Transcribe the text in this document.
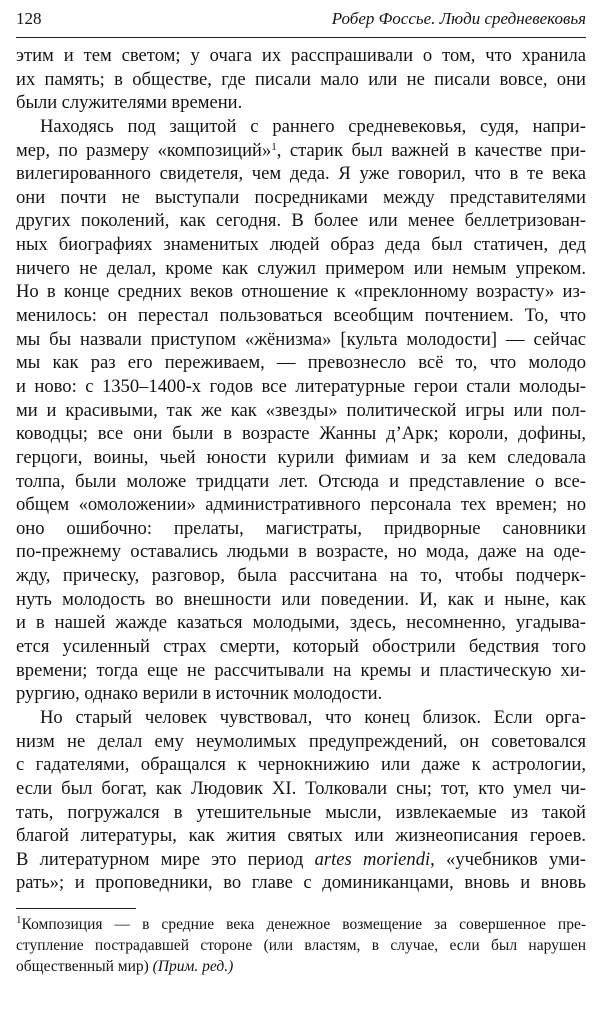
128	Робер Фоссье. Люди средневековья
этим и тем светом; у очага их расспрашивали о том, что хранила
их память; в обществе, где писали мало или не писали вовсе, они
были служителями времени.
Находясь под защитой с раннего средневековья, судя, напри-
мер, по размеру «композиций»$^1$, старик был важней в качестве при-
вилегированного свидетеля, чем деда. Я уже говорил, что в те века
они почти не выступали посредниками между представителями
других поколений, как сегодня. В более или менее беллетризован-
ных биографиях знаменитых людей образ деда был статичен, дед
ничего не делал, кроме как служил примером или немым упреком.
Но в конце средних веков отношение к «преклонному возрасту» из-
менилось: он перестал пользоваться всеобщим почтением. То, что
мы бы назвали приступом «жёнизма» [культа молодости] — сейчас
мы как раз его переживаем, — превознесло всё то, что молодо
и ново: с 1350–1400-х годов все литературные герои стали молоды-
ми и красивыми, так же как «звезды» политической игры или пол-
ководцы; все они были в возрасте Жанны д’Арк; короли, дофины,
герцоги, воины, чьей юности курили фимиам и за кем следовала
толпа, были моложе тридцати лет. Отсюда и представление о все-
общем «омоложении» административного персонала тех времен; но
оно ошибочно: прелаты, магистраты, придворные сановники
по-прежнему оставались людьми в возрасте, но мода, даже на оде-
жду, прическу, разговор, была рассчитана на то, чтобы подчерк-
нуть молодость во внешности или поведении. И, как и ныне, как
и в нашей жажде казаться молодыми, здесь, несомненно, угадыва-
ется усиленный страх смерти, который обострили бедствия того
времени; тогда еще не рассчитывали на кремы и пластическую хи-
рургию, однако верили в источник молодости.
Но старый человек чувствовал, что конец близок. Если орга-
низм не делал ему неумолимых предупреждений, он советовался
с гадателями, обращался к чернокнижию или даже к астрологии,
если был богат, как Людовик XI. Толковали сны; тот, кто умел чи-
тать, погружался в утешительные мысли, извлекаемые из такой
благой литературы, как жития святых или жизнеописания героев.
В литературном мире это период artes moriendi, «учебников уми-
рать»; и проповедники, во главе с доминиканцами, вновь и вновь
$^1$Композиция — в средние века денежное возмещение за совершенное пре-
ступление пострадавшей стороне (или властям, в случае, если был нарушен
общественный мир) (Прим. ред.)
